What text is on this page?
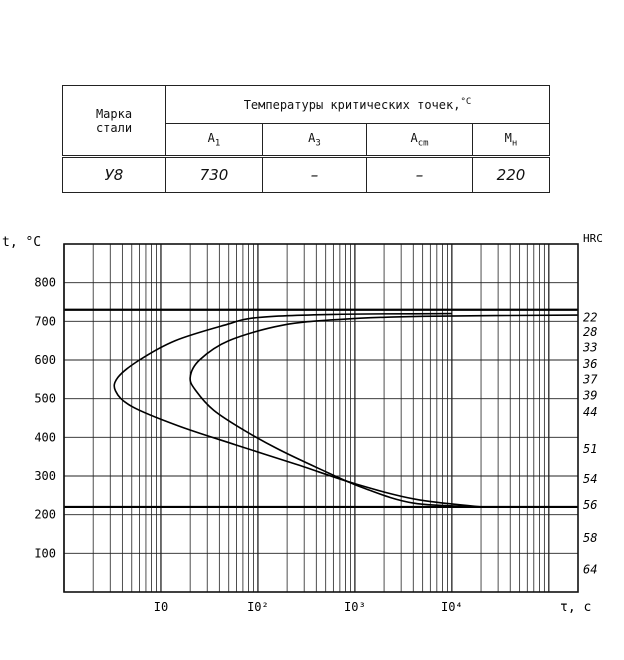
Марка стали	Температуры критических точек,$^{^\circ С}$
	$A_1$	$A_3$	$A_{cm}$	$M_н$
У8	730	–	–	220
I00
200
300
400
500
600
700
800
I0	I0²	I0³	I0⁴
22
28
33
36
37
39
44
51
54
56
58
64
t, °C
τ, с
HRC
